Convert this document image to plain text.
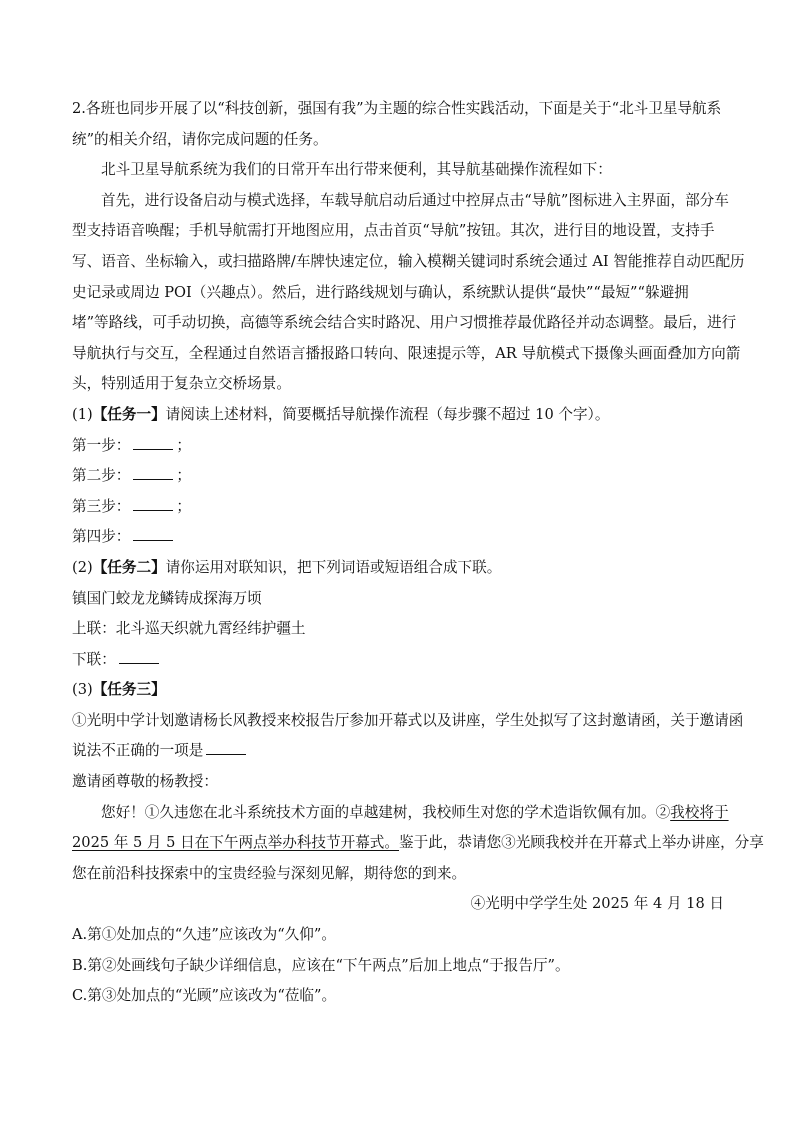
2.各班也同步开展了以“科技创新，强国有我”为主题的综合性实践活动，下面是关于“北斗卫星导航系

统”的相关介绍，请你完成问题的任务。

北斗卫星导航系统为我们的日常开车出行带来便利，其导航基础操作流程如下：

首先，进行设备启动与模式选择，车载导航启动后通过中控屏点击“导航”图标进入主界面，部分车

型支持语音唤醒；手机导航需打开地图应用，点击首页“导航”按钮。其次，进行目的地设置，支持手

写、语音、坐标输入，或扫描路牌/车牌快速定位，输入模糊关键词时系统会通过 AI 智能推荐自动匹配历

史记录或周边 POI（兴趣点）。然后，进行路线规划与确认，系统默认提供“最快”“最短”“躲避拥

堵”等路线，可手动切换，高德等系统会结合实时路况、用户习惯推荐最优路径并动态调整。最后，进行

导航执行与交互，全程通过自然语言播报路口转向、限速提示等，AR 导航模式下摄像头画面叠加方向箭

头，特别适用于复杂立交桥场景。

(1)【任务一】请阅读上述材料，简要概括导航操作流程（每步骤不超过 10 个字）。

第一步：	；

第二步：	；

第三步：	；

第四步：

(2)【任务二】请你运用对联知识，把下列词语或短语组合成下联。

镇国门蛟龙龙鳞铸成探海万顷

上联：北斗巡天织就九霄经纬护疆土

下联：

(3)【任务三】

①光明中学计划邀请杨长风教授来校报告厅参加开幕式以及讲座，学生处拟写了这封邀请函，关于邀请函

说法不正确的一项是

邀请函尊敬的杨教授：

您好！①久违您在北斗系统技术方面的卓越建树，我校师生对您的学术造诣钦佩有加。②我校将于

2025 年 5 月 5 日在下午两点举办科技节开幕式。鉴于此，恭请您③光顾我校并在开幕式上举办讲座，分享

您在前沿科技探索中的宝贵经验与深刻见解，期待您的到来。

④光明中学学生处 2025 年 4 月 18 日

A.第①处加点的“久违”应该改为“久仰”。

B.第②处画线句子缺少详细信息，应该在“下午两点”后加上地点“于报告厅”。

C.第③处加点的“光顾”应该改为“莅临”。
